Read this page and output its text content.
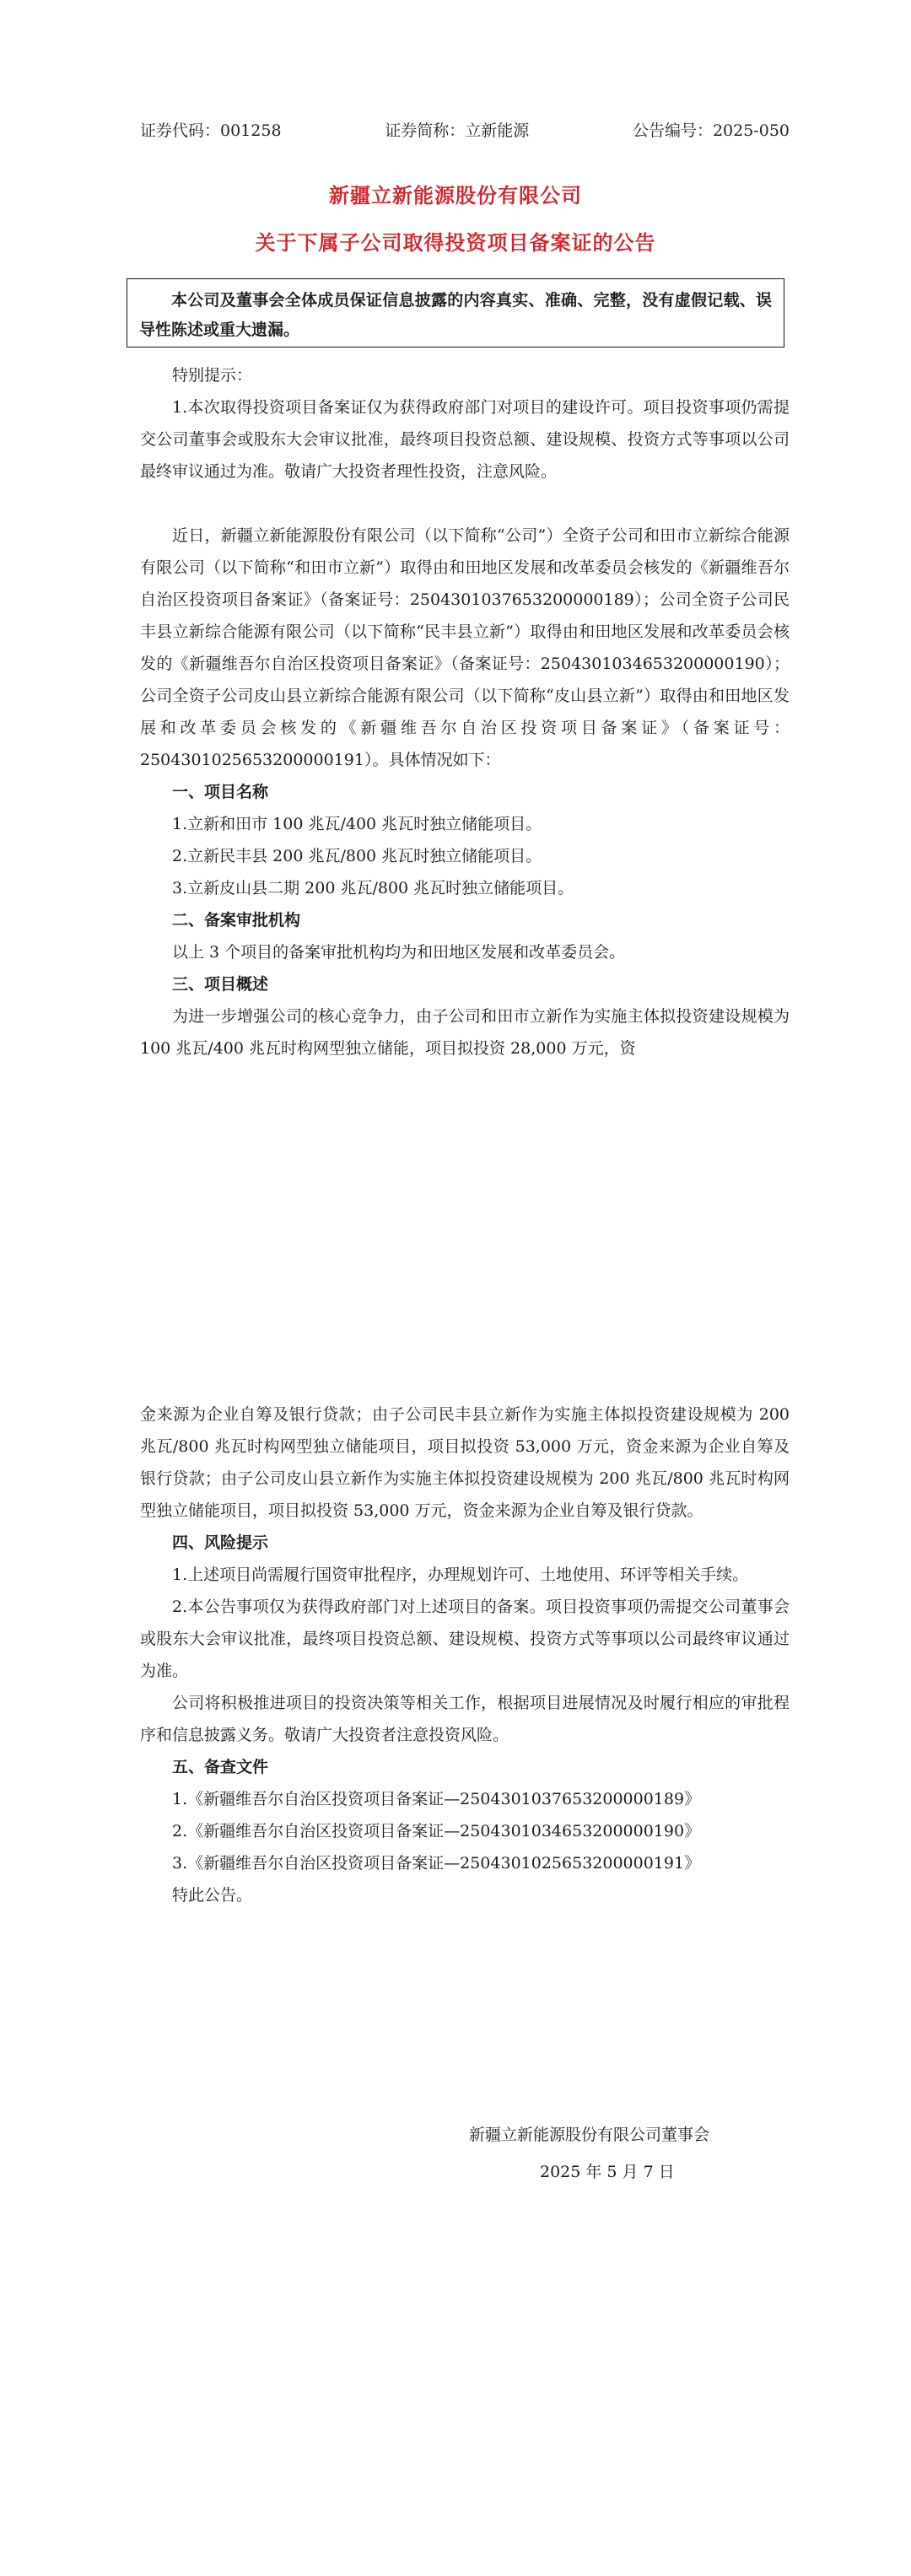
证券代码：001258	证券简称：立新能源	公告编号：2025-050
新疆立新能源股份有限公司
关于下属子公司取得投资项目备案证的公告
本公司及董事会全体成员保证信息披露的内容真实、准确、完整，没有虚假记载、误导性陈述或重大遗漏。

特别提示：

1.本次取得投资项目备案证仅为获得政府部门对项目的建设许可。项目投资事项仍需提交公司董事会或股东大会审议批准，最终项目投资总额、建设规模、投资方式等事项以公司最终审议通过为准。敬请广大投资者理性投资，注意风险。

近日，新疆立新能源股份有限公司（以下简称“公司”）全资子公司和田市立新综合能源有限公司（以下简称“和田市立新”）取得由和田地区发展和改革委员会核发的《新疆维吾尔自治区投资项目备案证》（备案证号：25043010376532000001​89）；公司全资子公司民丰县立新综合能源有限公司（以下简称“民丰县立新”）取得由和田地区发展和改革委员会核发的《新疆维吾尔自治区投资项目备案证》（备案证号：25043010346532000001​90）；公司全资子公司皮山县立新综合能源有限公司（以下简称“皮山县立新”）取得由和田地区发展和改革委员会核发的《新疆维吾尔自治区投资项目备案证》（备案证号：25043010256532000001​91）。具体情况如下：

一、项目名称

1.立新和田市 100 兆瓦/400 兆瓦时独立储能项目。

2.立新民丰县 200 兆瓦/800 兆瓦时独立储能项目。

3.立新皮山县二期 200 兆瓦/800 兆瓦时独立储能项目。

二、备案审批机构

以上 3 个项目的备案审批机构均为和田地区发展和改革委员会。

三、项目概述

为进一步增强公司的核心竞争力，由子公司和田市立新作为实施主体拟投资建设规模为 100 兆瓦/400 兆瓦时构网型独立储能，项目拟投资 28,000 万元，资

金来源为企业自筹及银行贷款；由子公司民丰县立新作为实施主体拟投资建设规模为 200 兆瓦/800 兆瓦时构网型独立储能项目，项目拟投资 53,000 万元，资金来源为企业自筹及银行贷款；由子公司皮山县立新作为实施主体拟投资建设规模为 200 兆瓦/800 兆瓦时构网型独立储能项目，项目拟投资 53,000 万元，资金来源为企业自筹及银行贷款。

四、风险提示

1.上述项目尚需履行国资审批程序，办理规划许可、土地使用、环评等相关手续。

2.本公告事项仅为获得政府部门对上述项目的备案。项目投资事项仍需提交公司董事会或股东大会审议批准，最终项目投资总额、建设规模、投资方式等事项以公司最终审议通过为准。

公司将积极推进项目的投资决策等相关工作，根据项目进展情况及时履行相应的审批程序和信息披露义务。敬请广大投资者注意投资风险。

五、备查文件

1.《新疆维吾尔自治区投资项目备案证—25043010376532000001​89》

2.《新疆维吾尔自治区投资项目备案证—25043010346532000001​90》

3.《新疆维吾尔自治区投资项目备案证—25043010256532000001​91》

特此公告。

新疆立新能源股份有限公司董事会
2025 年 5 月 7 日
